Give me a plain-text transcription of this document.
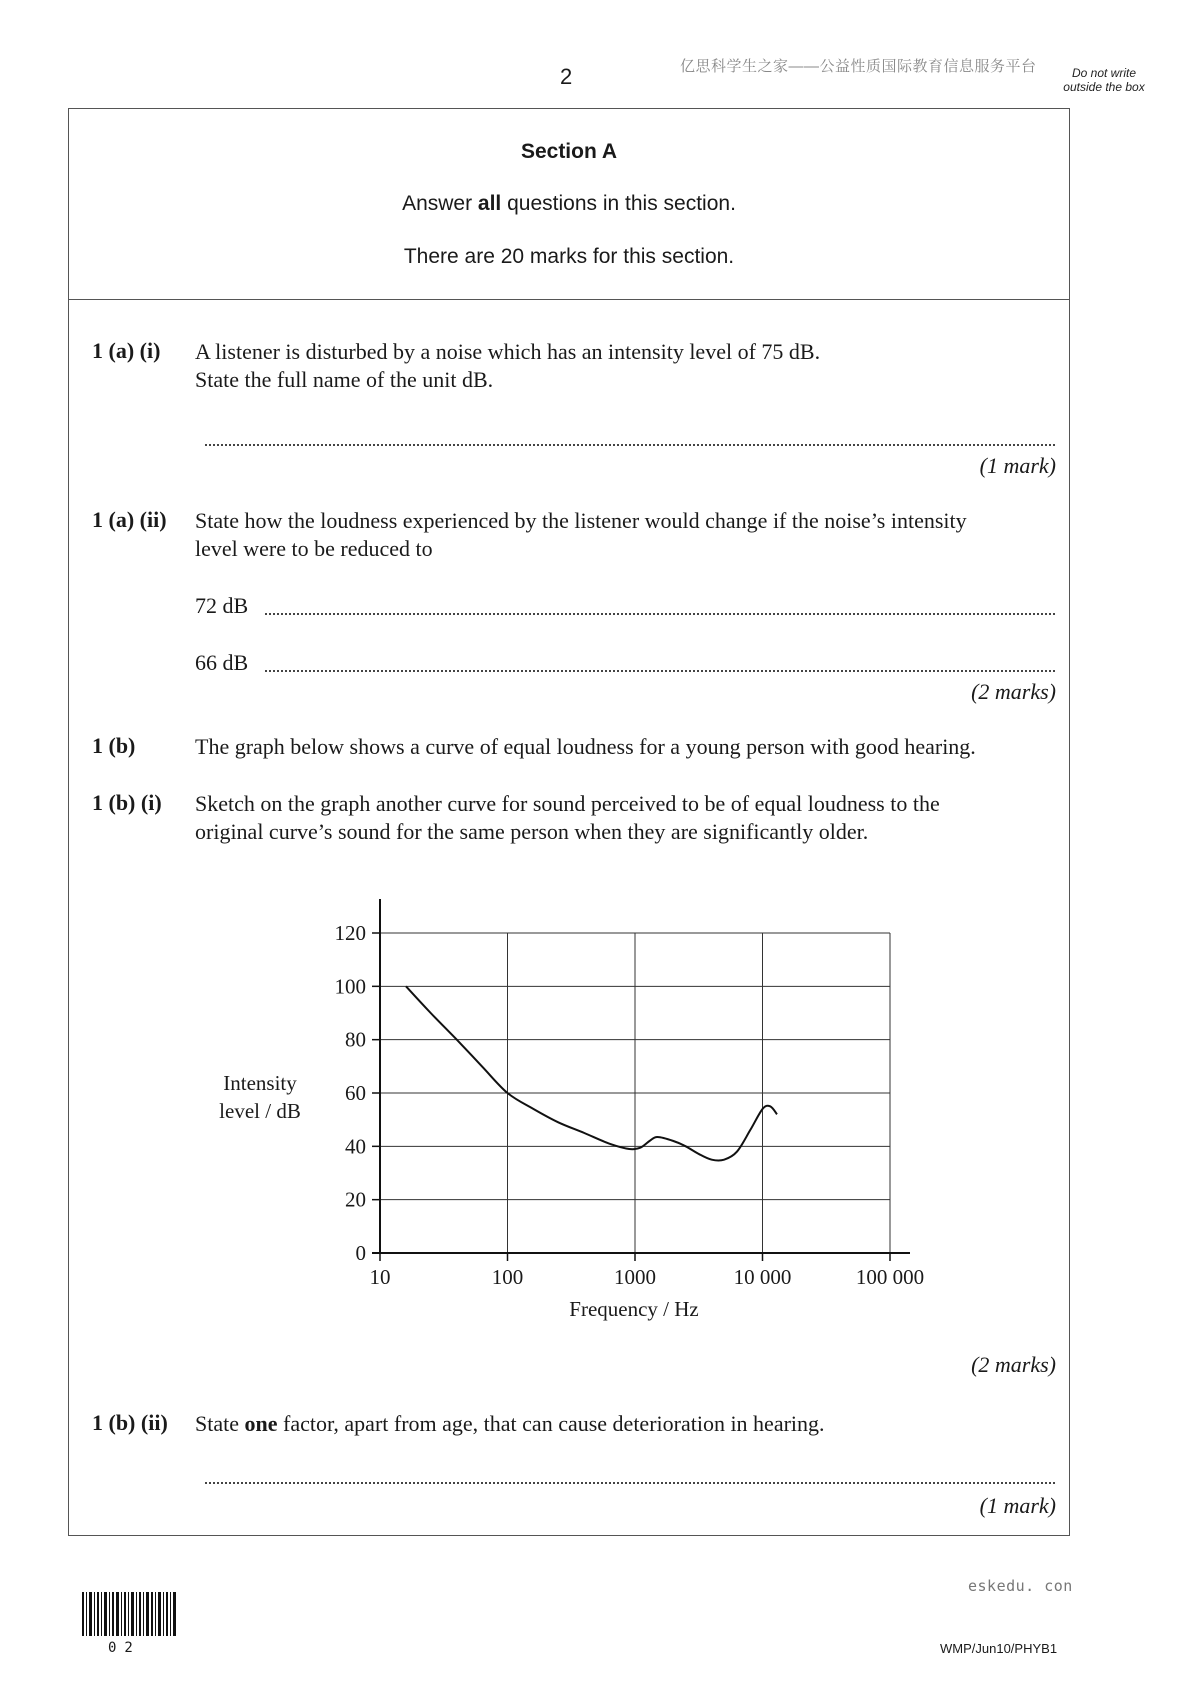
2	亿思科学生之家——公益性质国际教育信息服务平台	Do not write outside the box
Section A
Answer all questions in this section.
There are 20 marks for this section.
1 (a) (i) A listener is disturbed by a noise which has an intensity level of 75 dB.
State the full name of the unit dB.
(1 mark)
1 (a) (ii) State how the loudness experienced by the listener would change if the noise’s intensity
level were to be reduced to
72 dB
66 dB
(2 marks)
1 (b)	The graph below shows a curve of equal loudness for a young person with good hearing.
1 (b) (i) Sketch on the graph another curve for sound perceived to be of equal loudness to the
original curve’s sound for the same person when they are significantly older.
0
20
40
60
80
100
120
10	100	1000	10 000	100 000
Frequency / Hz
Intensity
level / dB
(2 marks)
1 (b) (ii) State one factor, apart from age, that can cause deterioration in hearing.
(1 mark)
eskedu. con
02	WMP/Jun10/PHYB1
